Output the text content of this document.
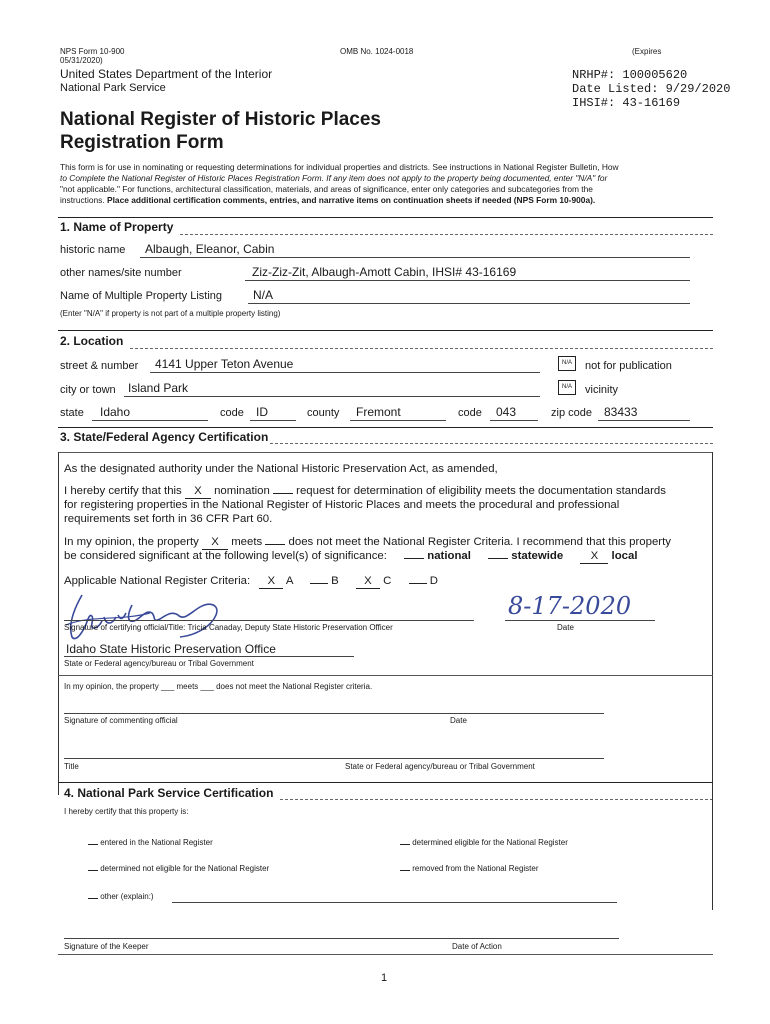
NPS Form 10-900
05/31/2020)
OMB No. 1024-0018	(Expires
United States Department of the Interior
National Park Service
NRHP#: 100005620
Date Listed: 9/29/2020
IHSI#: 43-16169
National Register of Historic Places
Registration Form
This form is for use in nominating or requesting determinations for individual properties and districts. See instructions in National Register Bulletin, How
to Complete the National Register of Historic Places Registration Form. If any item does not apply to the property being documented, enter "N/A" for
"not applicable." For functions, architectural classification, materials, and areas of significance, enter only categories and subcategories from the
instructions. Place additional certification comments, entries, and narrative items on continuation sheets if needed (NPS Form 10-900a).
1. Name of Property
historic name Albaugh, Eleanor, Cabin
other names/site number	Ziz-Ziz-Zit, Albaugh-Amott Cabin, IHSI# 43-16169
Name of Multiple Property Listing	N/A
(Enter "N/A" if property is not part of a multiple property listing)
2. Location
street & number 4141 Upper Teton Avenue	N/A	not for publication
city or town Island Park	N/A	vicinity
state Idaho	code ID	county Fremont	code 043	zip code 83433
3. State/Federal Agency Certification
As the designated authority under the National Historic Preservation Act, as amended,
I hereby certify that this X nomination  request for determination of eligibility meets the documentation standards
for registering properties in the National Register of Historic Places and meets the procedural and professional
requirements set forth in 36 CFR Part 60.
In my opinion, the property X meets  does not meet the National Register Criteria. I recommend that this property
be considered significant at the following level(s) of significance:	national	statewide X local
Applicable National Register Criteria: X A	B X C	D
8-17-2020
Signature of certifying official/Title: Tricia Canaday, Deputy State Historic Preservation Officer	Date
Idaho State Historic Preservation Office
State or Federal agency/bureau or Tribal Government
In my opinion, the property ___ meets ___ does not meet the National Register criteria.
Signature of commenting official	Date
Title	State or Federal agency/bureau or Tribal Government
4. National Park Service Certification
I hereby certify that this property is:
entered in the National Register	determined eligible for the National Register
determined not eligible for the National Register	removed from the National Register
other (explain:)
Signature of the Keeper	Date of Action
1
